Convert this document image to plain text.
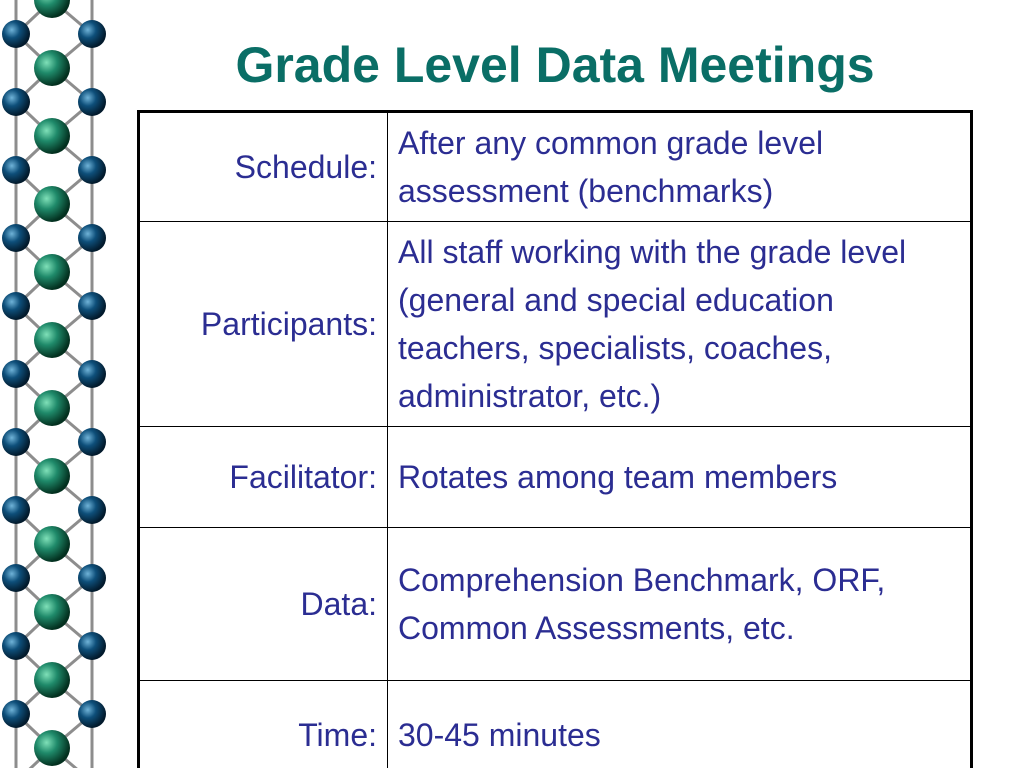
Grade Level Data Meetings
Schedule:	After any common grade level assessment (benchmarks)
Participants:	All staff working with the grade level (general and special education teachers, specialists, coaches, administrator, etc.)
Facilitator:	Rotates among team members
Data:	Comprehension Benchmark, ORF, Common Assessments, etc.
Time:	30-45 minutes
